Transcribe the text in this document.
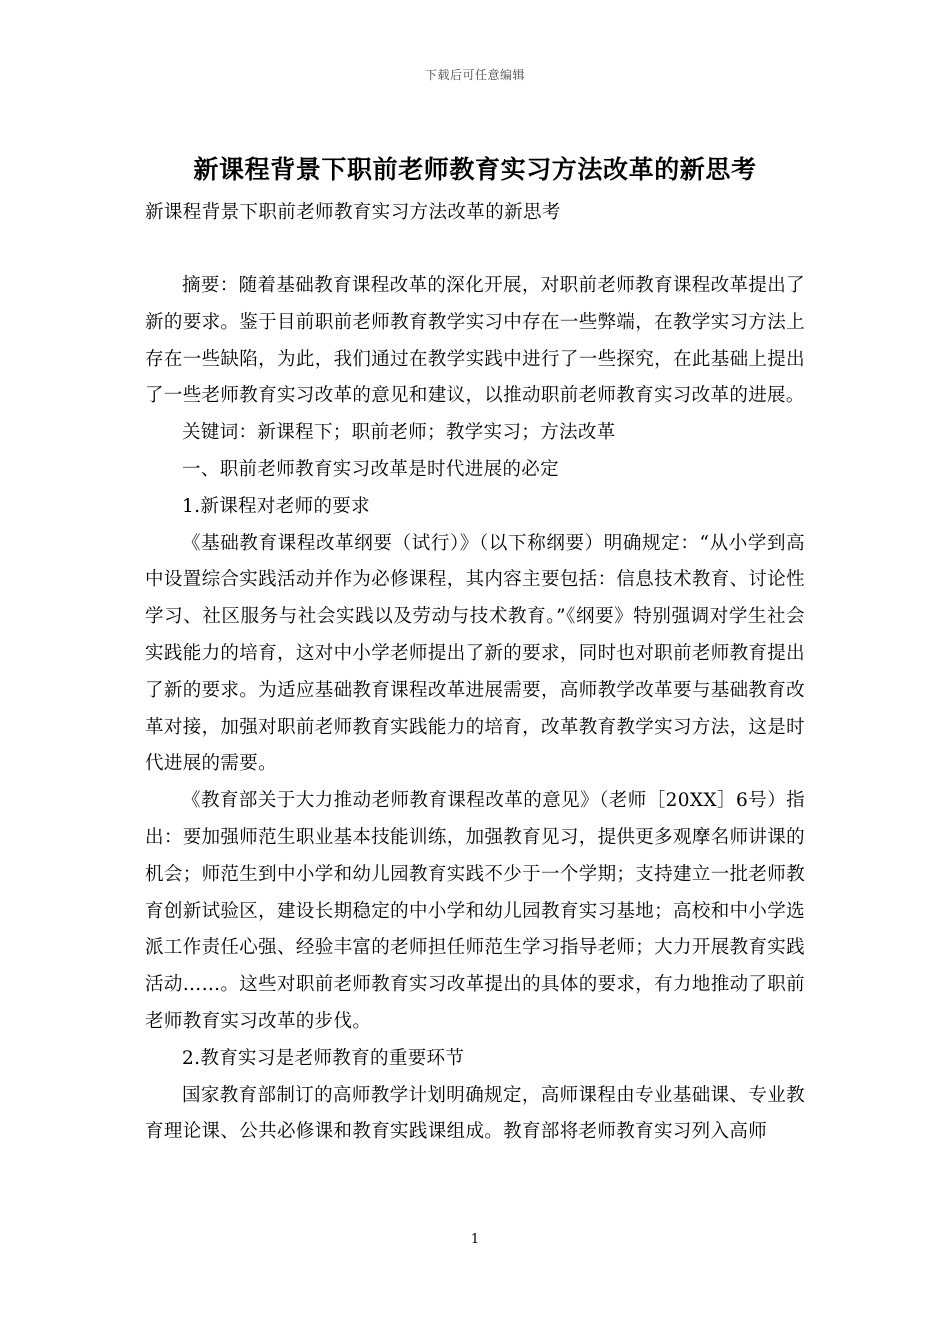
下载后可任意编辑
新课程背景下职前老师教育实习方法改革的新思考
新课程背景下职前老师教育实习方法改革的新思考

摘要：随着基础教育课程改革的深化开展，对职前老师教育课程改革提出了新的要求。鉴于目前职前老师教育教学实习中存在一些弊端，在教学实习方法上存在一些缺陷，为此，我们通过在教学实践中进行了一些探究，在此基础上提出了一些老师教育实习改革的意见和建议，以推动职前老师教育实习改革的进展。

关键词：新课程下；职前老师；教学实习；方法改革

一、职前老师教育实习改革是时代进展的必定

1.新课程对老师的要求

《基础教育课程改革纲要（试行）》（以下称纲要）明确规定：“从小学到高中设置综合实践活动并作为必修课程，其内容主要包括：信息技术教育、讨论性学习、社区服务与社会实践以及劳动与技术教育。”《纲要》特别强调对学生社会实践能力的培育，这对中小学老师提出了新的要求，同时也对职前老师教育提出了新的要求。为适应基础教育课程改革进展需要，高师教学改革要与基础教育改革对接，加强对职前老师教育实践能力的培育，改革教育教学实习方法，这是时代进展的需要。

《教育部关于大力推动老师教育课程改革的意见》（老师［20XX］6号）指出：要加强师范生职业基本技能训练，加强教育见习，提供更多观摩名师讲课的机会；师范生到中小学和幼儿园教育实践不少于一个学期；支持建立一批老师教育创新试验区，建设长期稳定的中小学和幼儿园教育实习基地；高校和中小学选派工作责任心强、经验丰富的老师担任师范生学习指导老师；大力开展教育实践活动……。这些对职前老师教育实习改革提出的具体的要求，有力地推动了职前老师教育实习改革的步伐。

2.教育实习是老师教育的重要环节

国家教育部制订的高师教学计划明确规定，高师课程由专业基础课、专业教育理论课、公共必修课和教育实践课组成。教育部将老师教育实习列入高师

1
